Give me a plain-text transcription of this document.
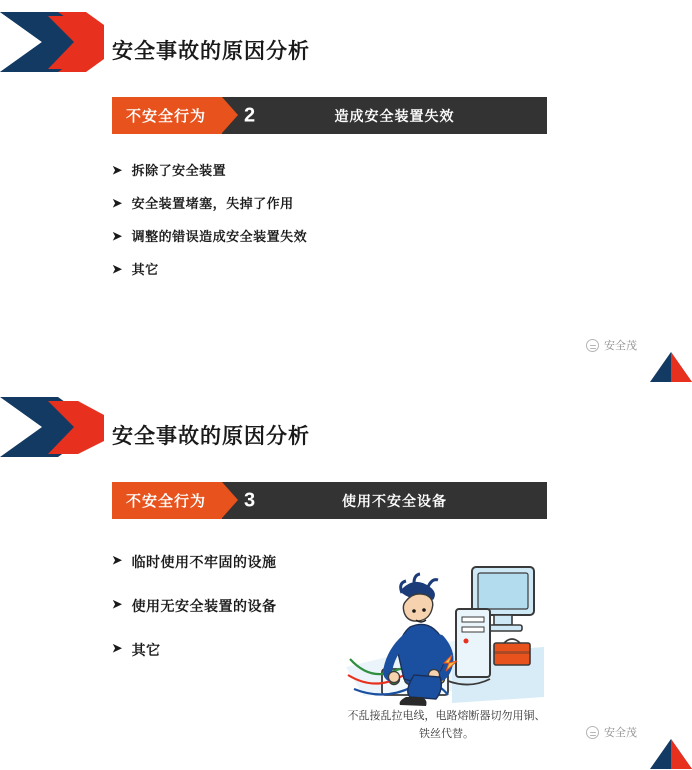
安全事故的原因分析
不安全行为	2	造成安全装置失效
➤ 拆除了安全装置
➤ 安全装置堵塞，失掉了作用
➤ 调整的错误造成安全装置失效
➤ 其它
安全茂
安全事故的原因分析
不安全行为	3	使用不安全设备
➤ 临时使用不牢固的设施
➤ 使用无安全装置的设备
➤ 其它
不乱接乱拉电线，电路熔断器切勿用铜、铁丝代替。	安全茂
